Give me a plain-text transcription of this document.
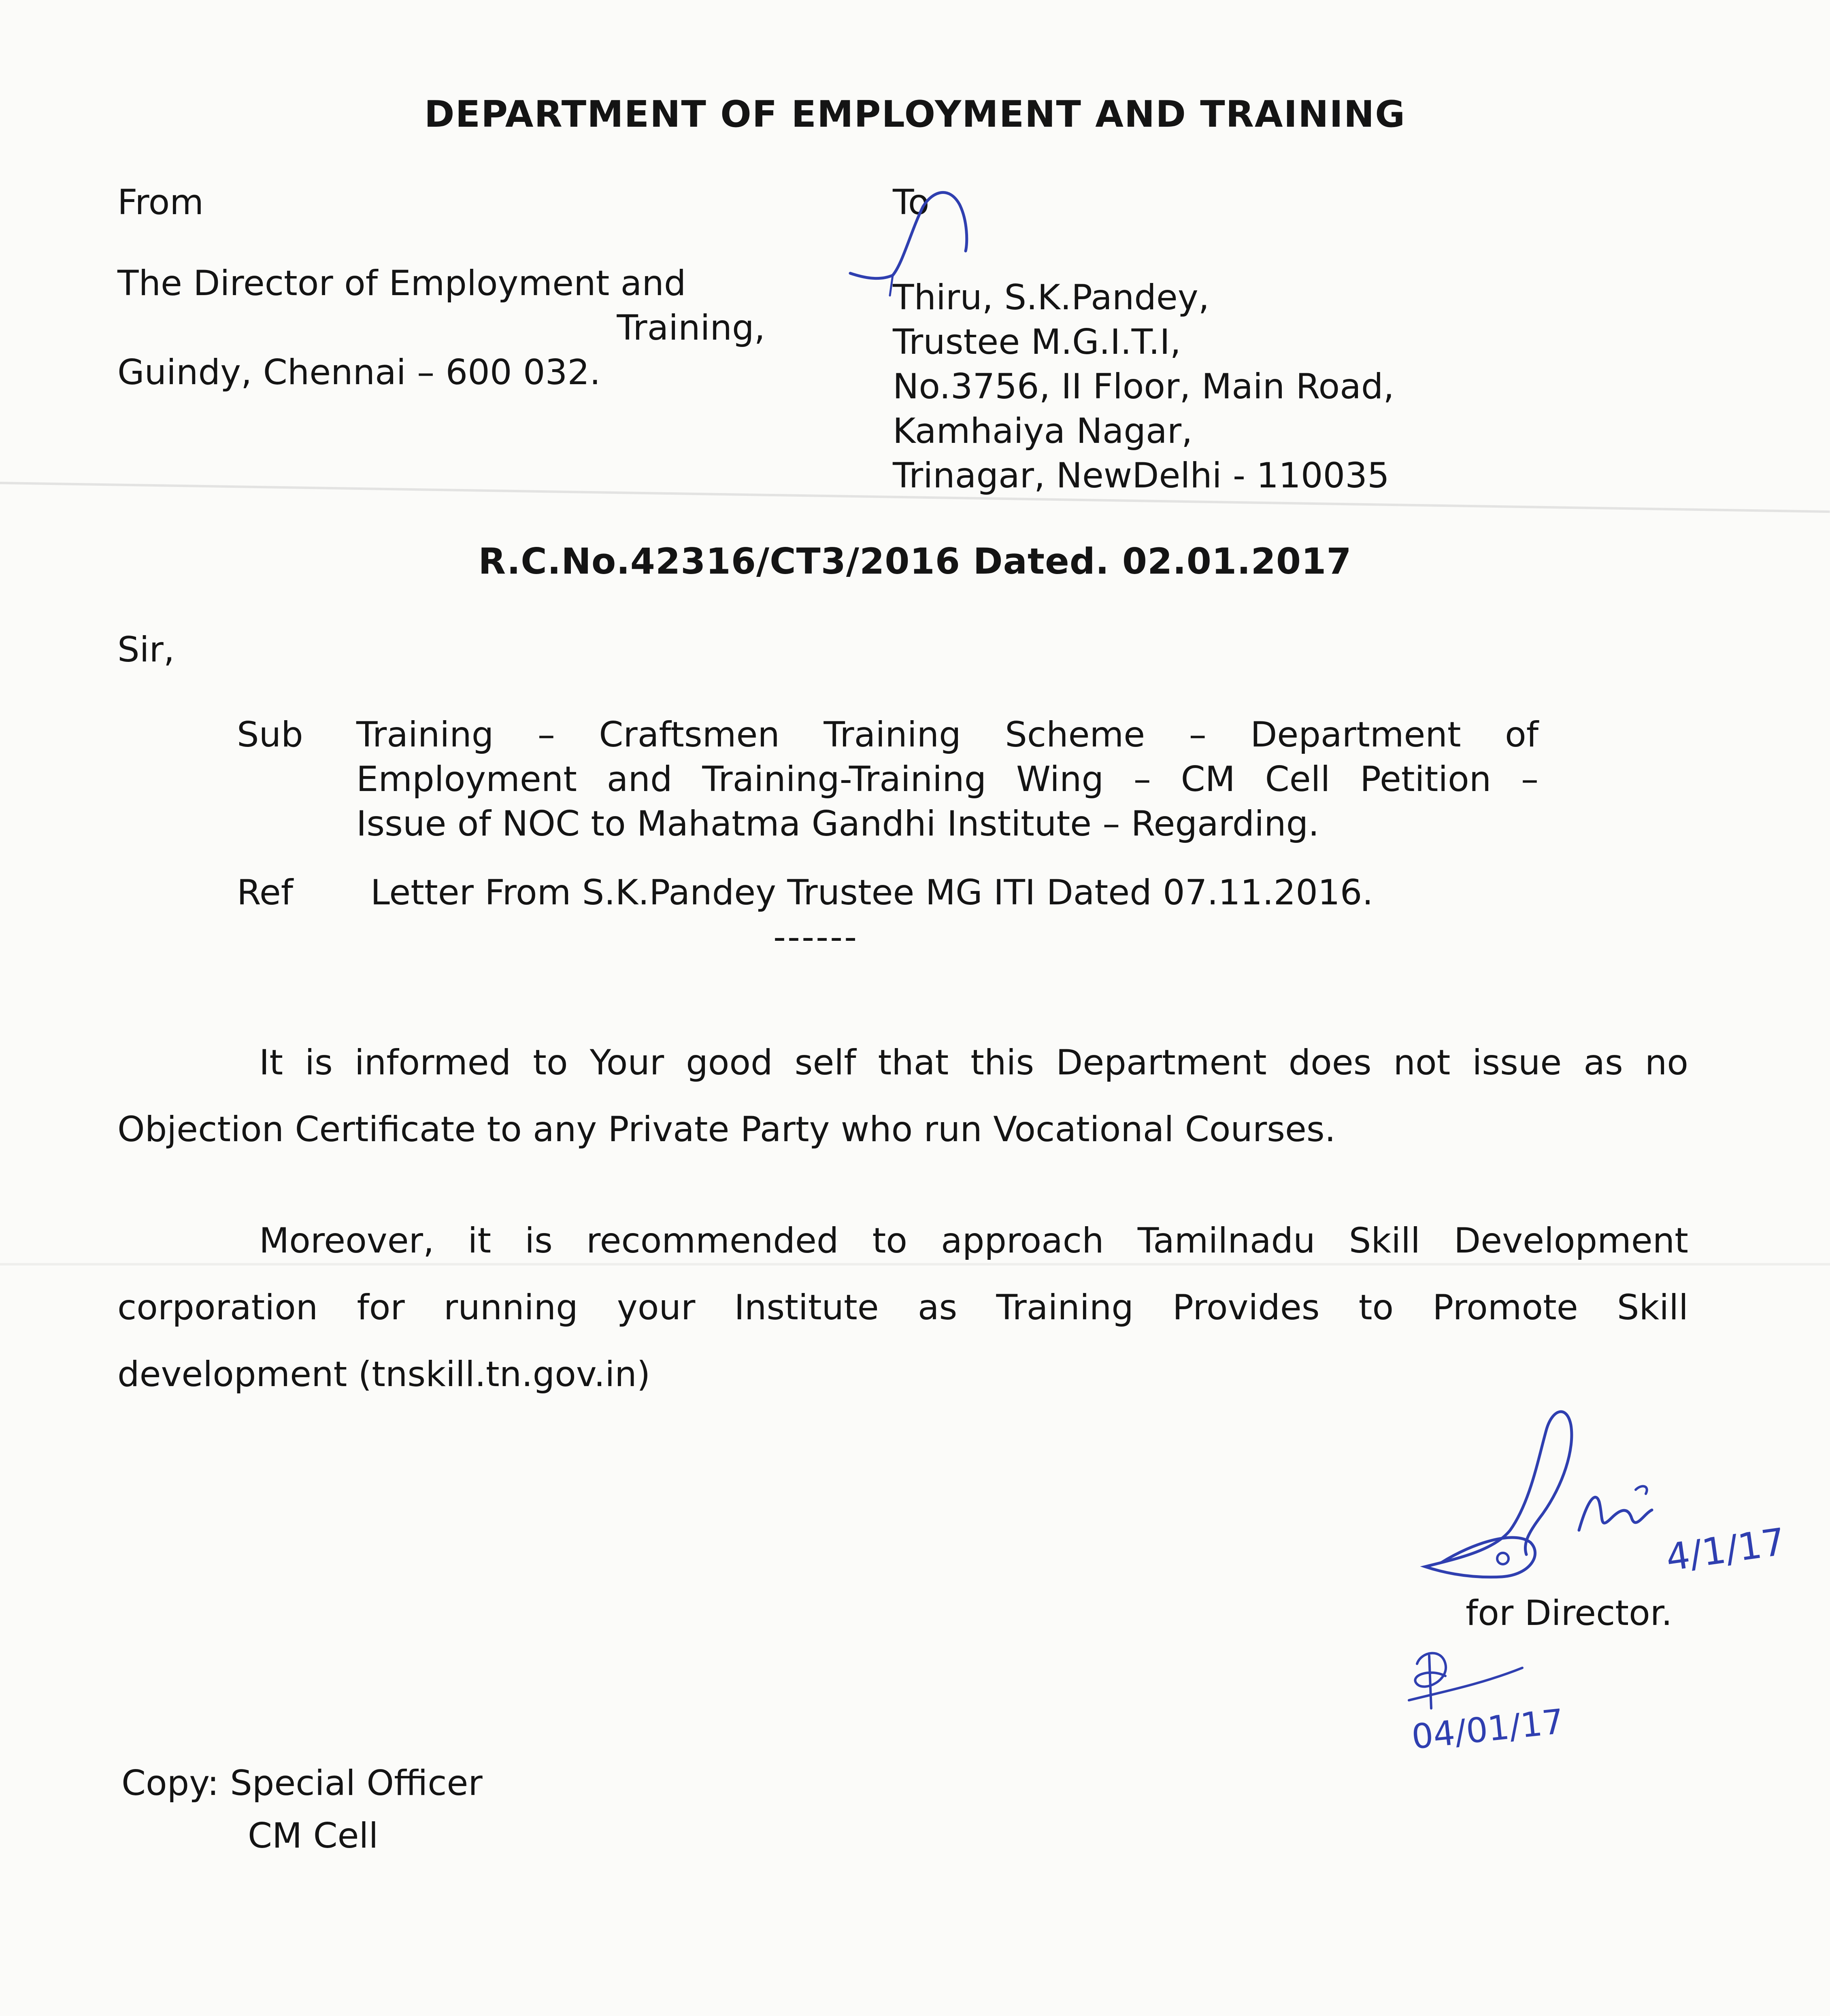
DEPARTMENT OF EMPLOYMENT AND TRAINING
From
The Director of Employment and
Training,
Guindy, Chennai – 600 032.
To
Thiru, S.K.Pandey,
Trustee M.G.I.T.I,
No.3756, II Floor, Main Road,
Kamhaiya Nagar,
Trinagar, NewDelhi - 110035
R.C.No.42316/CT3/2016 Dated. 02.01.2017
Sir,
Sub Training – Craftsmen Training Scheme – Department of
Employment and Training-Training Wing – CM Cell Petition –
Issue of NOC to Mahatma Gandhi Institute – Regarding.
Ref Letter From S.K.Pandey Trustee MG ITI Dated 07.11.2016.
------
It is informed to Your good self that this Department does not issue as no
Objection Certificate to any Private Party who run Vocational Courses.
Moreover, it is recommended to approach Tamilnadu Skill Development
corporation for running your Institute as Training Provides to Promote Skill
development (tnskill.tn.gov.in)
4/1/17
for Director.
04/01/17
Copy: Special Officer
CM Cell
